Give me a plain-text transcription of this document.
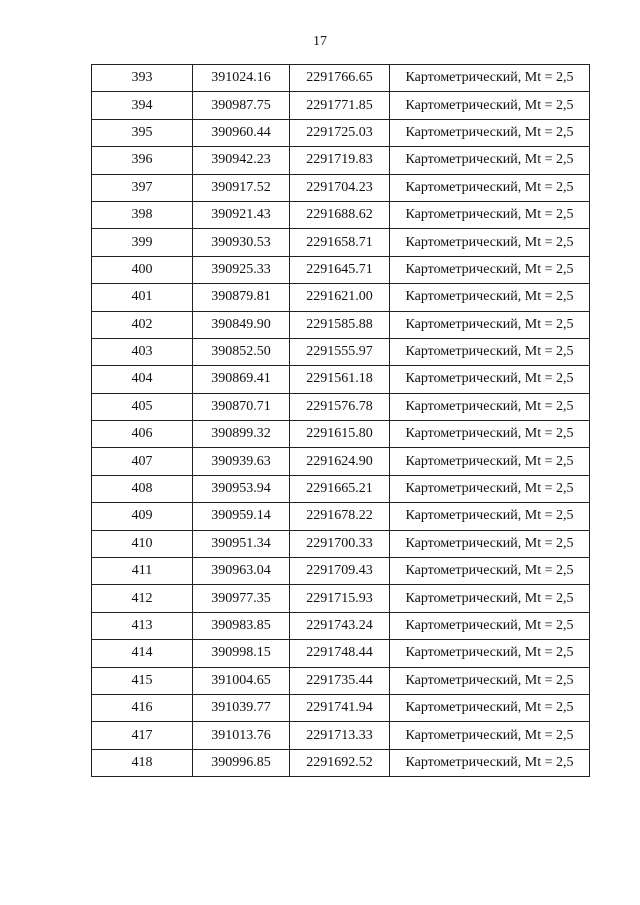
17
393	391024.16	2291766.65	Картометрический, Mt = 2,5
394	390987.75	2291771.85	Картометрический, Mt = 2,5
395	390960.44	2291725.03	Картометрический, Mt = 2,5
396	390942.23	2291719.83	Картометрический, Mt = 2,5
397	390917.52	2291704.23	Картометрический, Mt = 2,5
398	390921.43	2291688.62	Картометрический, Mt = 2,5
399	390930.53	2291658.71	Картометрический, Mt = 2,5
400	390925.33	2291645.71	Картометрический, Mt = 2,5
401	390879.81	2291621.00	Картометрический, Mt = 2,5
402	390849.90	2291585.88	Картометрический, Mt = 2,5
403	390852.50	2291555.97	Картометрический, Mt = 2,5
404	390869.41	2291561.18	Картометрический, Mt = 2,5
405	390870.71	2291576.78	Картометрический, Mt = 2,5
406	390899.32	2291615.80	Картометрический, Mt = 2,5
407	390939.63	2291624.90	Картометрический, Mt = 2,5
408	390953.94	2291665.21	Картометрический, Mt = 2,5
409	390959.14	2291678.22	Картометрический, Mt = 2,5
410	390951.34	2291700.33	Картометрический, Mt = 2,5
411	390963.04	2291709.43	Картометрический, Mt = 2,5
412	390977.35	2291715.93	Картометрический, Mt = 2,5
413	390983.85	2291743.24	Картометрический, Mt = 2,5
414	390998.15	2291748.44	Картометрический, Mt = 2,5
415	391004.65	2291735.44	Картометрический, Mt = 2,5
416	391039.77	2291741.94	Картометрический, Mt = 2,5
417	391013.76	2291713.33	Картометрический, Mt = 2,5
418	390996.85	2291692.52	Картометрический, Mt = 2,5
